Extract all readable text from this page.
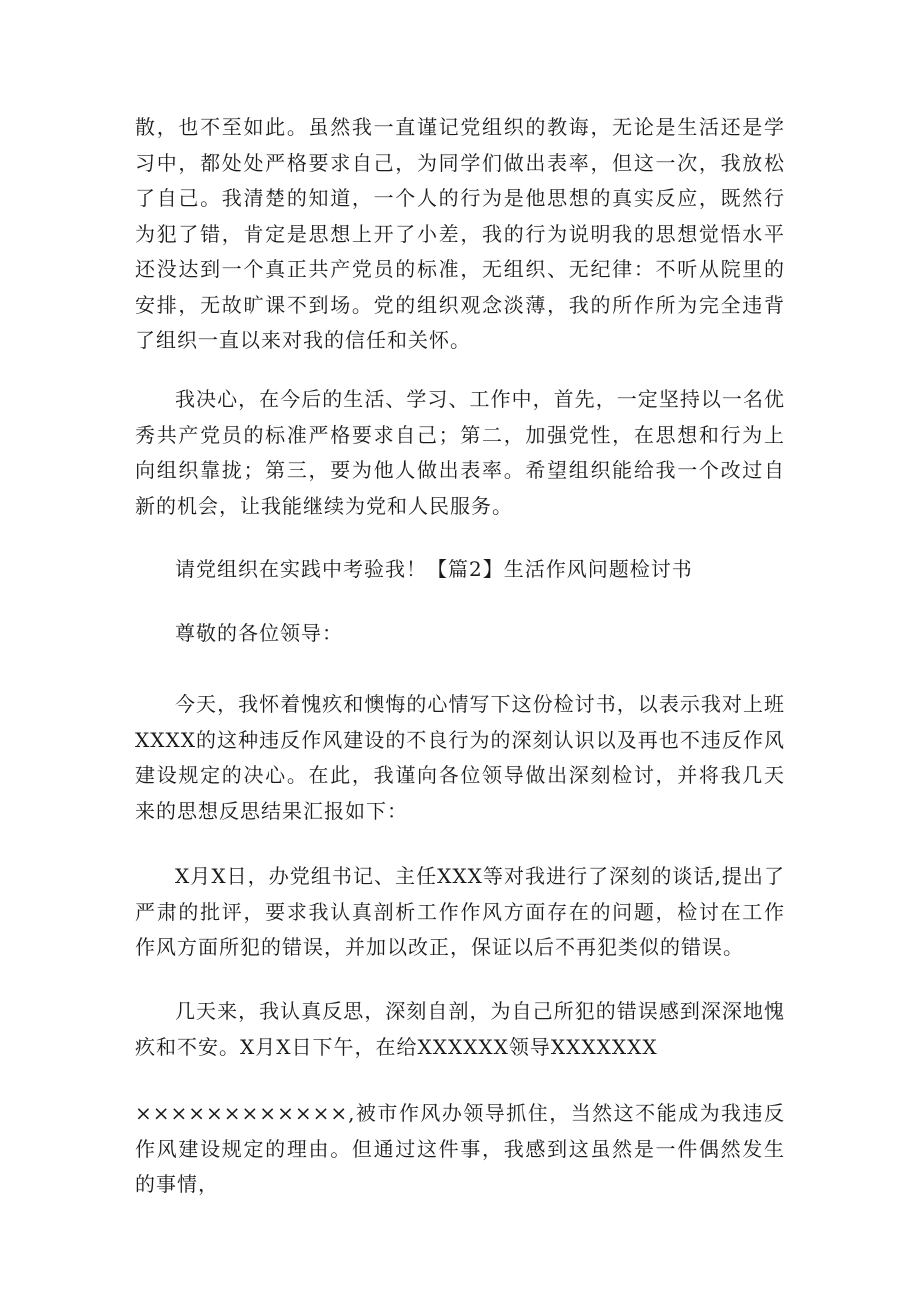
散，也不至如此。虽然我一直谨记党组织的教诲，无论是生活还是学习中，都处处严格要求自己，为同学们做出表率，但这一次，我放松了自己。我清楚的知道，一个人的行为是他思想的真实反应，既然行为犯了错，肯定是思想上开了小差，我的行为说明我的思想觉悟水平还没达到一个真正共产党员的标准，无组织、无纪律：不听从院里的安排，无故旷课不到场。党的组织观念淡薄，我的所作所为完全违背了组织一直以来对我的信任和关怀。

我决心，在今后的生活、学习、工作中，首先，一定坚持以一名优秀共产党员的标准严格要求自己；第二，加强党性，在思想和行为上向组织靠拢；第三，要为他人做出表率。希望组织能给我一个改过自新的机会，让我能继续为党和人民服务。

请党组织在实践中考验我！【篇2】生活作风问题检讨书

尊敬的各位领导：

今天，我怀着愧疚和懊悔的心情写下这份检讨书，以表示我对上班XXXX的这种违反作风建设的不良行为的深刻认识以及再也不违反作风建设规定的决心。在此，我谨向各位领导做出深刻检讨，并将我几天来的思想反思结果汇报如下：

X月X日，办党组书记、主任XXX等对我进行了深刻的谈话,提出了严肃的批评，要求我认真剖析工作作风方面存在的问题，检讨在工作作风方面所犯的错误，并加以改正，保证以后不再犯类似的错误。

几天来，我认真反思，深刻自剖，为自己所犯的错误感到深深地愧疚和不安。X月X日下午，在给XXXXXX领导XXXXXXX

××××××××××××,被市作风办领导抓住，当然这不能成为我违反作风建设规定的理由。但通过这件事，我感到这虽然是一件偶然发生的事情，
